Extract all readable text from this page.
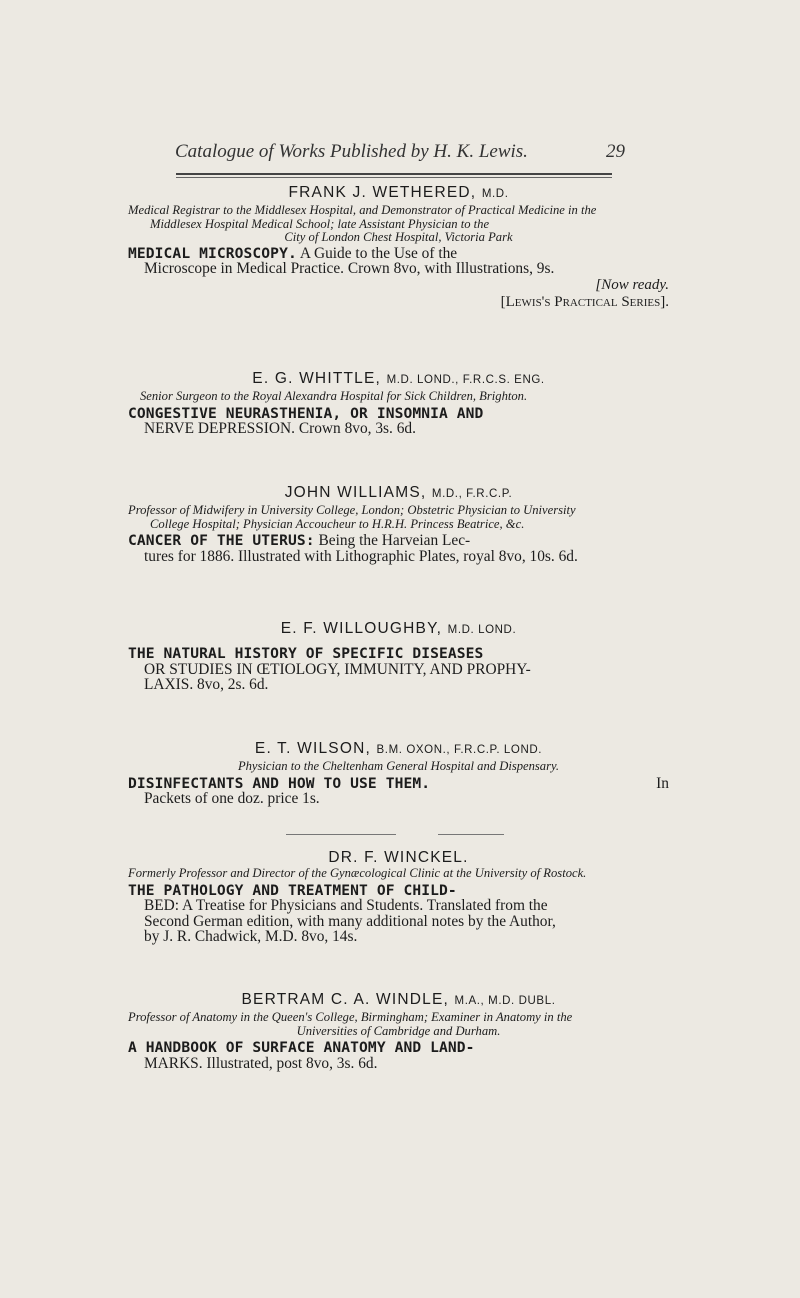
Catalogue of Works Published by H. K. Lewis.	29

FRANK J. WETHERED, M.D.

Medical Registrar to the Middlesex Hospital, and Demonstrator of Practical Medicine in the

Middlesex Hospital Medical School; late Assistant Physician to the

City of London Chest Hospital, Victoria Park

MEDICAL MICROSCOPY. A Guide to the Use of the

Microscope in Medical Practice. Crown 8vo, with Illustrations, 9s.

[Now ready.

[Lewis's Practical Series].

E. G. WHITTLE, M.D. LOND., F.R.C.S. ENG.

Senior Surgeon to the Royal Alexandra Hospital for Sick Children, Brighton.

CONGESTIVE NEURASTHENIA, OR INSOMNIA AND

NERVE DEPRESSION. Crown 8vo, 3s. 6d.

JOHN WILLIAMS, M.D., F.R.C.P.

Professor of Midwifery in University College, London; Obstetric Physician to University

College Hospital; Physician Accoucheur to H.R.H. Princess Beatrice, &c.

CANCER OF THE UTERUS: Being the Harveian Lec-

tures for 1886. Illustrated with Lithographic Plates, royal 8vo, 10s. 6d.

E. F. WILLOUGHBY, M.D. LOND.

THE NATURAL HISTORY OF SPECIFIC DISEASES

OR STUDIES IN ŒTIOLOGY, IMMUNITY, AND PROPHY-

LAXIS. 8vo, 2s. 6d.

E. T. WILSON, B.M. OXON., F.R.C.P. LOND.

Physician to the Cheltenham General Hospital and Dispensary.

DISINFECTANTS AND HOW TO USE THEM.	In

Packets of one doz. price 1s.

DR. F. WINCKEL.

Formerly Professor and Director of the Gynæcological Clinic at the University of Rostock.

THE PATHOLOGY AND TREATMENT OF CHILD-

BED: A Treatise for Physicians and Students. Translated from the

Second German edition, with many additional notes by the Author,

by J. R. Chadwick, M.D. 8vo, 14s.

BERTRAM C. A. WINDLE, M.A., M.D. DUBL.

Professor of Anatomy in the Queen's College, Birmingham; Examiner in Anatomy in the

Universities of Cambridge and Durham.

A HANDBOOK OF SURFACE ANATOMY AND LAND-

MARKS. Illustrated, post 8vo, 3s. 6d.
